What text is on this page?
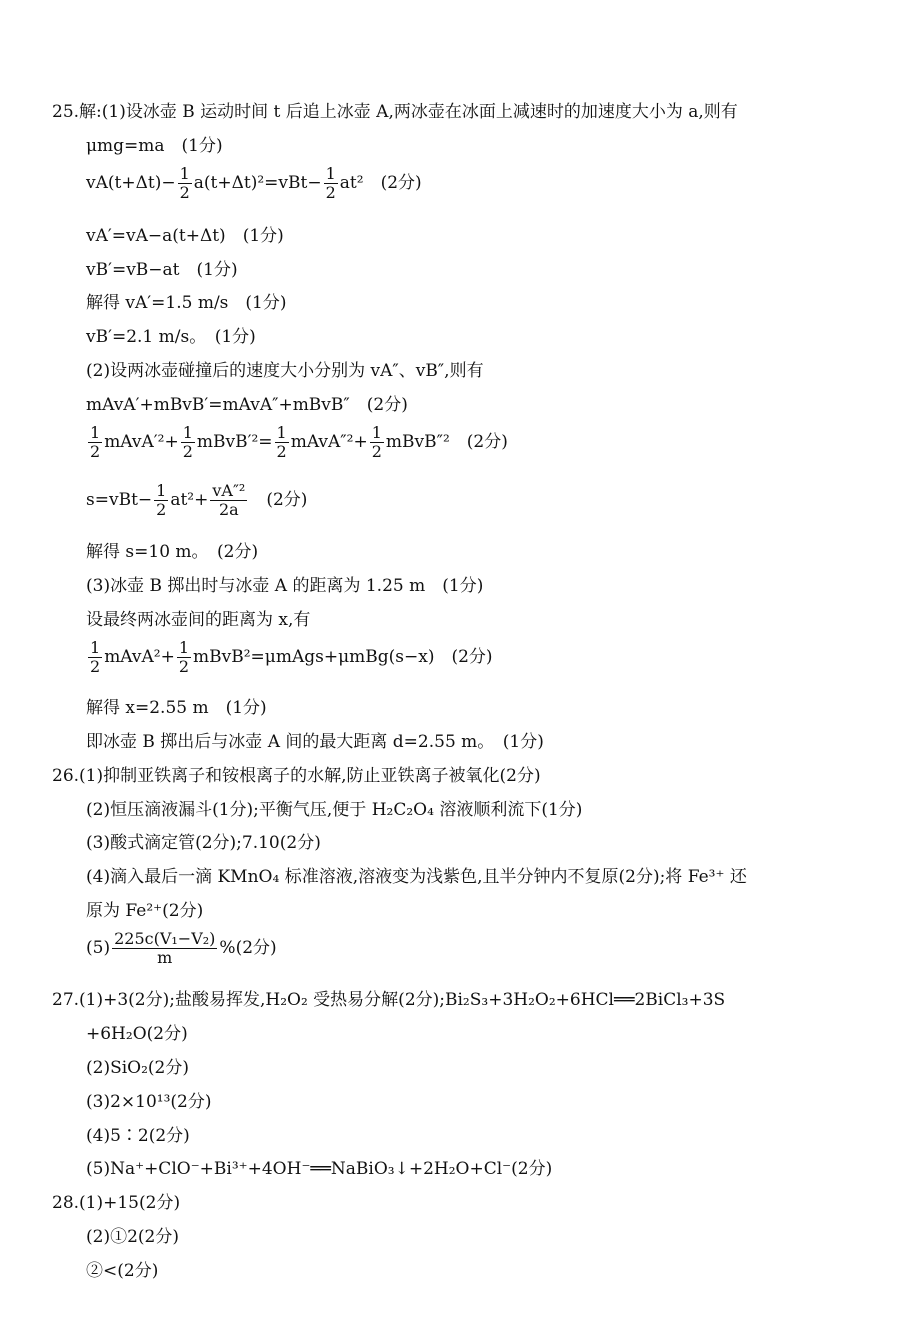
25.解:(1)设冰壶 B 运动时间 t 后追上冰壶 A,两冰壶在冰面上减速时的加速度大小为 a,则有
μmg=ma　(1分)
$vA(t+\Delta t)- \frac{1}{2} a(t+\Delta t)^2=vBt- \frac{1}{2} at^2$　(2分)
vA′=vA−a(t+Δt)　(1分)
vB′=vB−at　(1分)
解得 vA′=1.5 m/s　(1分)
vB′=2.1 m/s。　(1分)
(2)设两冰壶碰撞后的速度大小分别为 vA″、vB″,则有
mAvA′+mBvB′=mAvA″+mBvB″　(2分)
$\frac{1}{2}$ mAvA′²+ $\frac{1}{2}$ mBvB′²= $\frac{1}{2}$ mAvA″²+ $\frac{1}{2}$ mBvB″²　(2分)
$s=vBt- \frac{1}{2} at^2+ \frac{\text{vA″²}}{2a}$ 　(2分)
解得 s=10 m。　(2分)
(3)冰壶 B 掷出时与冰壶 A 的距离为 1.25 m　(1分)
设最终两冰壶间的距离为 x,有
$\frac{1}{2}$ mAvA²+ $\frac{1}{2}$ mBvB²=μmAgs+μmBg(s−x)　(2分)
解得 x=2.55 m　(1分)
即冰壶 B 掷出后与冰壶 A 间的最大距离 d=2.55 m。　(1分)
26.(1)抑制亚铁离子和铵根离子的水解,防止亚铁离子被氧化(2分)
(2)恒压滴液漏斗(1分);平衡气压,便于 H₂C₂O₄ 溶液顺利流下(1分)
(3)酸式滴定管(2分);7.10(2分)
(4)滴入最后一滴 KMnO₄ 标准溶液,溶液变为浅紫色,且半分钟内不复原(2分);将 Fe³⁺ 还
原为 Fe²⁺(2分)
$(5) \frac{\text{225c(V₁−V₂)}}{m} \%(2$分)
27.(1)+3(2分);盐酸易挥发,H₂O₂ 受热易分解(2分);Bi₂S₃+3H₂O₂+6HCl══2BiCl₃+3S
+6H₂O(2分)
(2)SiO₂(2分)
(3)2×10¹³(2分)
(4)5∶2(2分)
(5)Na⁺+ClO⁻+Bi³⁺+4OH⁻══NaBiO₃↓+2H₂O+Cl⁻(2分)
28.(1)+15(2分)
(2)①2(2分)
②<(2分)
